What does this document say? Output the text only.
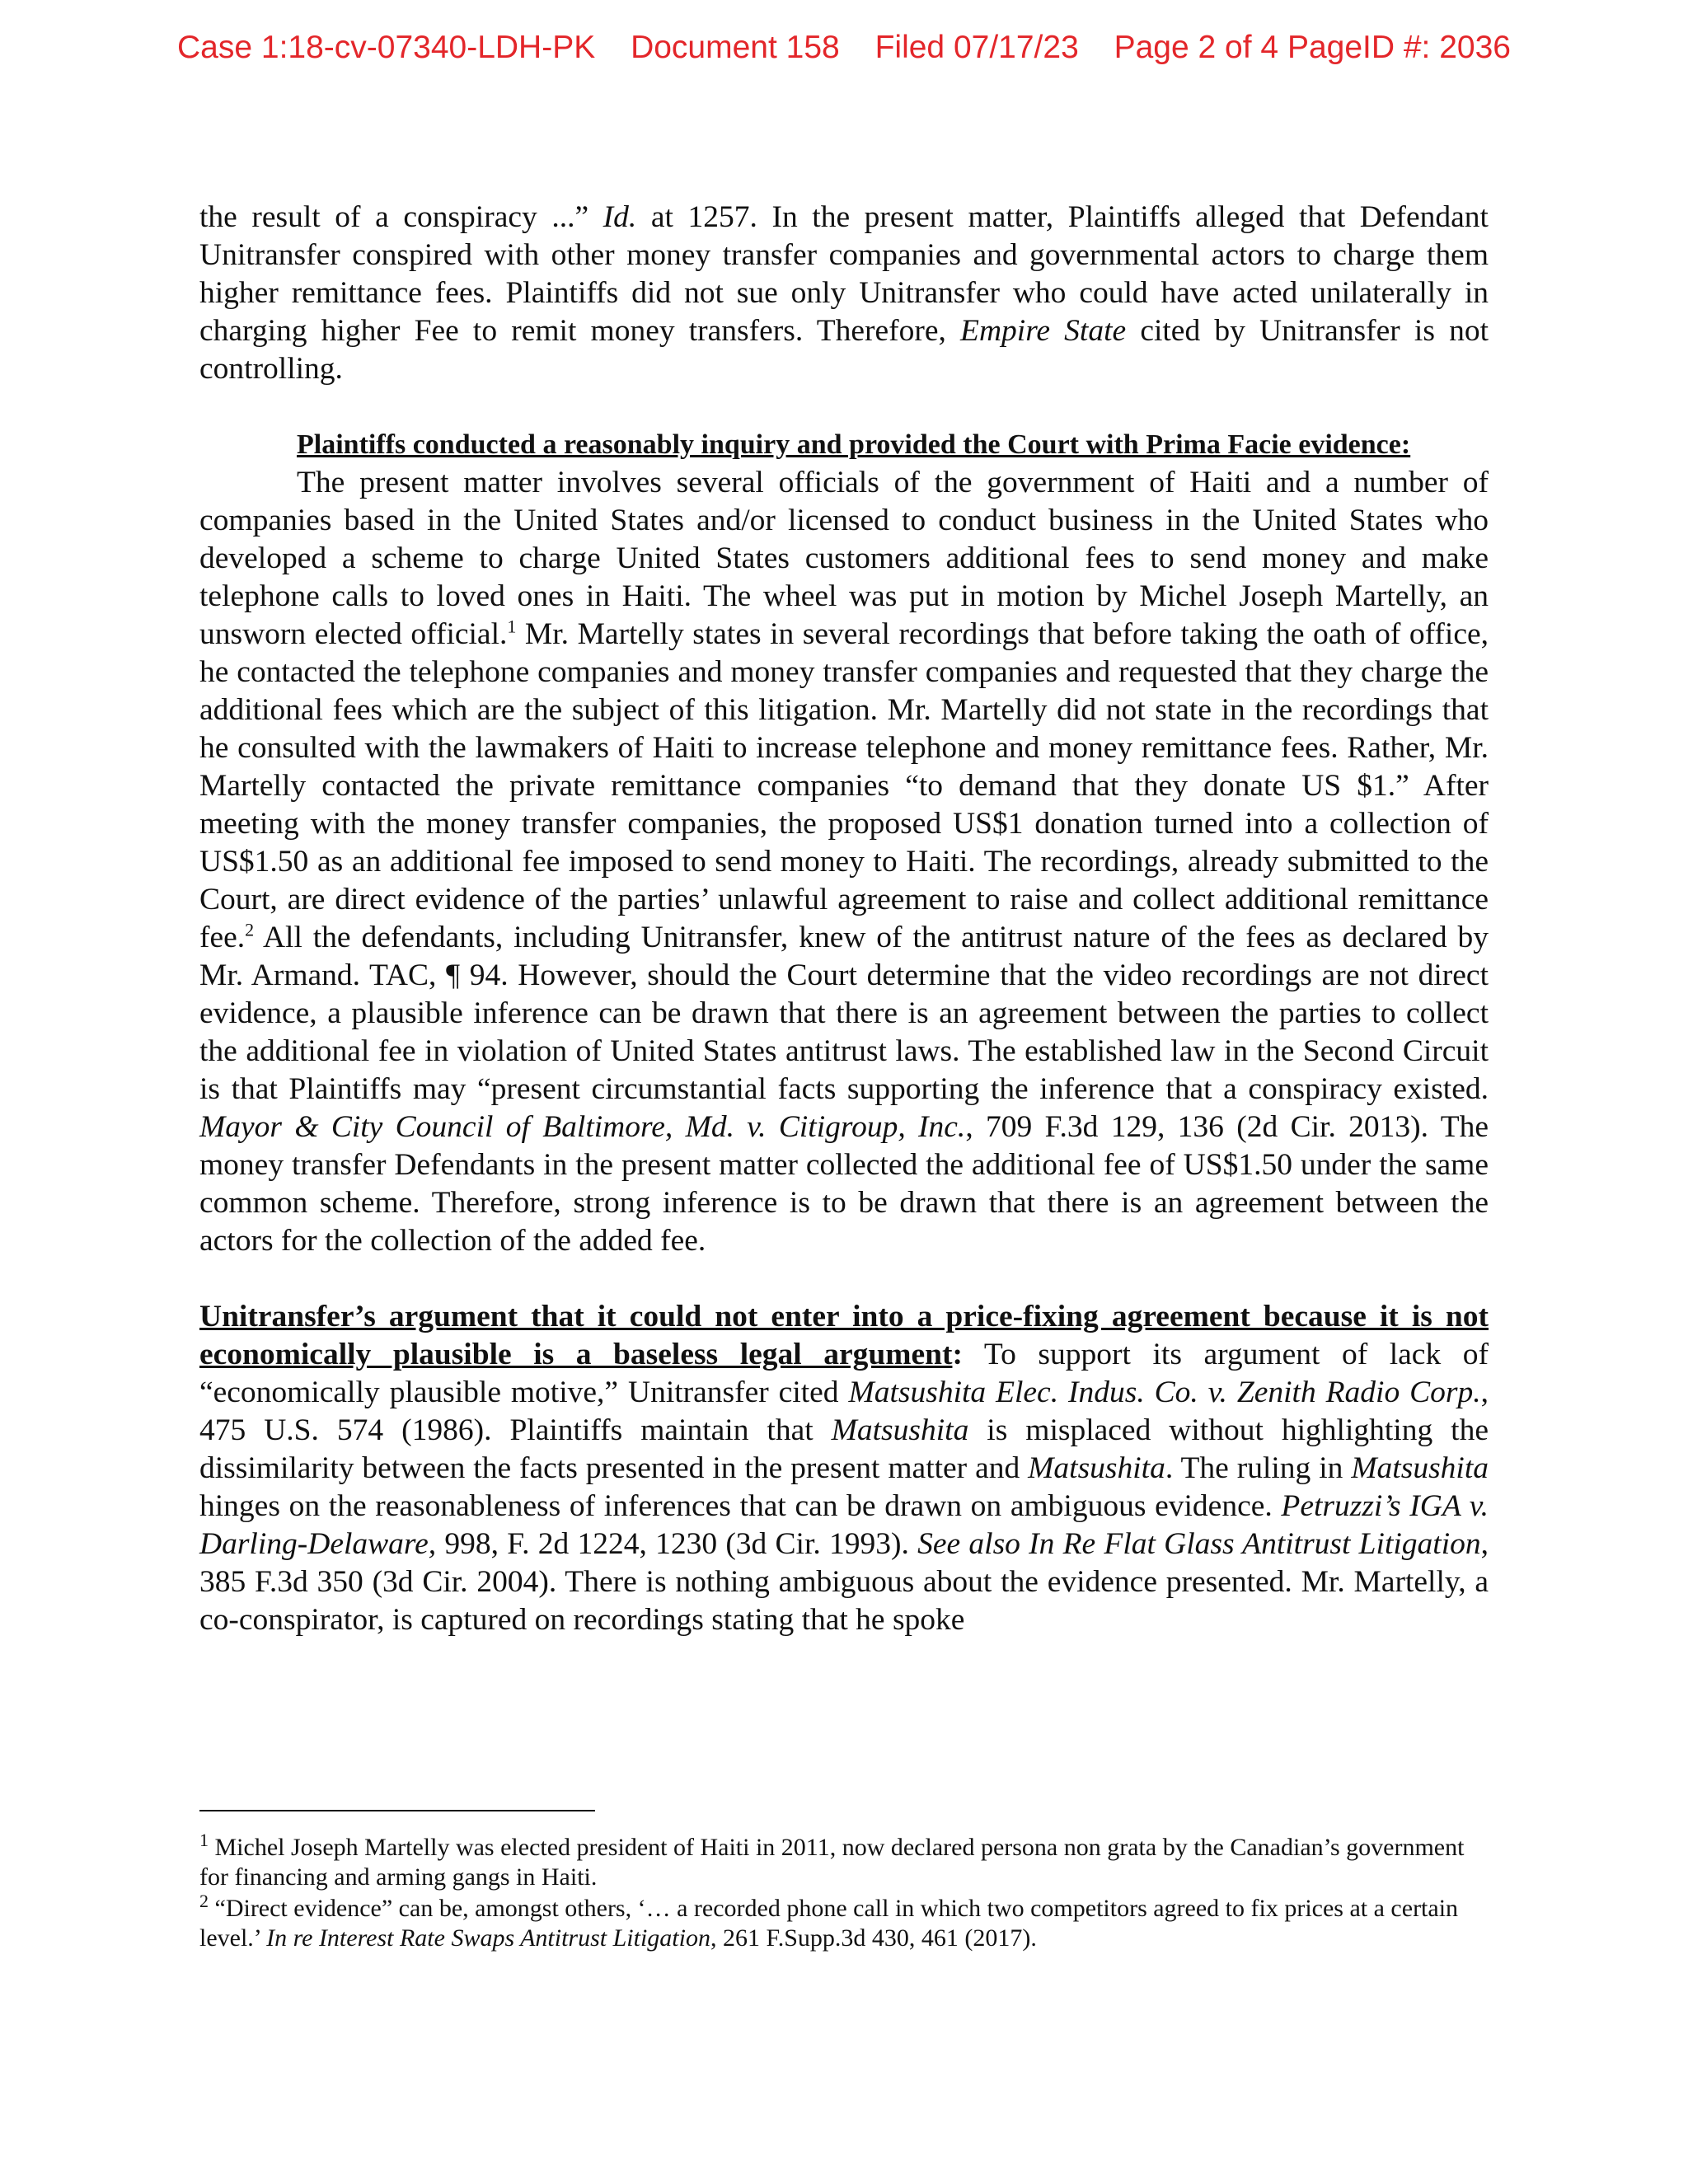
Case 1:18-cv-07340-LDH-PK Document 158 Filed 07/17/23 Page 2 of 4 PageID #: 2036

the result of a conspiracy ...” Id. at 1257. In the present matter, Plaintiffs alleged that Defendant Unitransfer conspired with other money transfer companies and governmental actors to charge them higher remittance fees. Plaintiffs did not sue only Unitransfer who could have acted unilaterally in charging higher Fee to remit money transfers. Therefore, Empire State cited by Unitransfer is not controlling.

Plaintiffs conducted a reasonably inquiry and provided the Court with Prima Facie evidence:

The present matter involves several officials of the government of Haiti and a number of companies based in the United States and/or licensed to conduct business in the United States who developed a scheme to charge United States customers additional fees to send money and make telephone calls to loved ones in Haiti. The wheel was put in motion by Michel Joseph Martelly, an unsworn elected official.$^1$ Mr. Martelly states in several recordings that before taking the oath of office, he contacted the telephone companies and money transfer companies and requested that they charge the additional fees which are the subject of this litigation. Mr. Martelly did not state in the recordings that he consulted with the lawmakers of Haiti to increase telephone and money remittance fees. Rather, Mr. Martelly contacted the private remittance companies “to demand that they donate US $1.” After meeting with the money transfer companies, the proposed US$1 donation turned into a collection of US$1.50 as an additional fee imposed to send money to Haiti. The recordings, already submitted to the Court, are direct evidence of the parties’ unlawful agreement to raise and collect additional remittance fee.$^2$ All the defendants, including Unitransfer, knew of the antitrust nature of the fees as declared by Mr. Armand. TAC, ¶ 94. However, should the Court determine that the video recordings are not direct evidence, a plausible inference can be drawn that there is an agreement between the parties to collect the additional fee in violation of United States antitrust laws. The established law in the Second Circuit is that Plaintiffs may “present circumstantial facts supporting the inference that a conspiracy existed. Mayor & City Council of Baltimore, Md. v. Citigroup, Inc., 709 F.3d 129, 136 (2d Cir. 2013). The money transfer Defendants in the present matter collected the additional fee of US$1.50 under the same common scheme. Therefore, strong inference is to be drawn that there is an agreement between the actors for the collection of the added fee.

Unitransfer’s argument that it could not enter into a price-fixing agreement because it is not economically plausible is a baseless legal argument: To support its argument of lack of “economically plausible motive,” Unitransfer cited Matsushita Elec. Indus. Co. v. Zenith Radio Corp., 475 U.S. 574 (1986). Plaintiffs maintain that Matsushita is misplaced without highlighting the dissimilarity between the facts presented in the present matter and Matsushita. The ruling in Matsushita hinges on the reasonableness of inferences that can be drawn on ambiguous evidence. Petruzzi’s IGA v. Darling-Delaware, 998, F. 2d 1224, 1230 (3d Cir. 1993). See also In Re Flat Glass Antitrust Litigation, 385 F.3d 350 (3d Cir. 2004). There is nothing ambiguous about the evidence presented. Mr. Martelly, a co-conspirator, is captured on recordings stating that he spoke

$^1$ Michel Joseph Martelly was elected president of Haiti in 2011, now declared persona non grata by the Canadian’s government for financing and arming gangs in Haiti.

$^2$ “Direct evidence” can be, amongst others, ‘… a recorded phone call in which two competitors agreed to fix prices at a certain level.’ In re Interest Rate Swaps Antitrust Litigation, 261 F.Supp.3d 430, 461 (2017).
